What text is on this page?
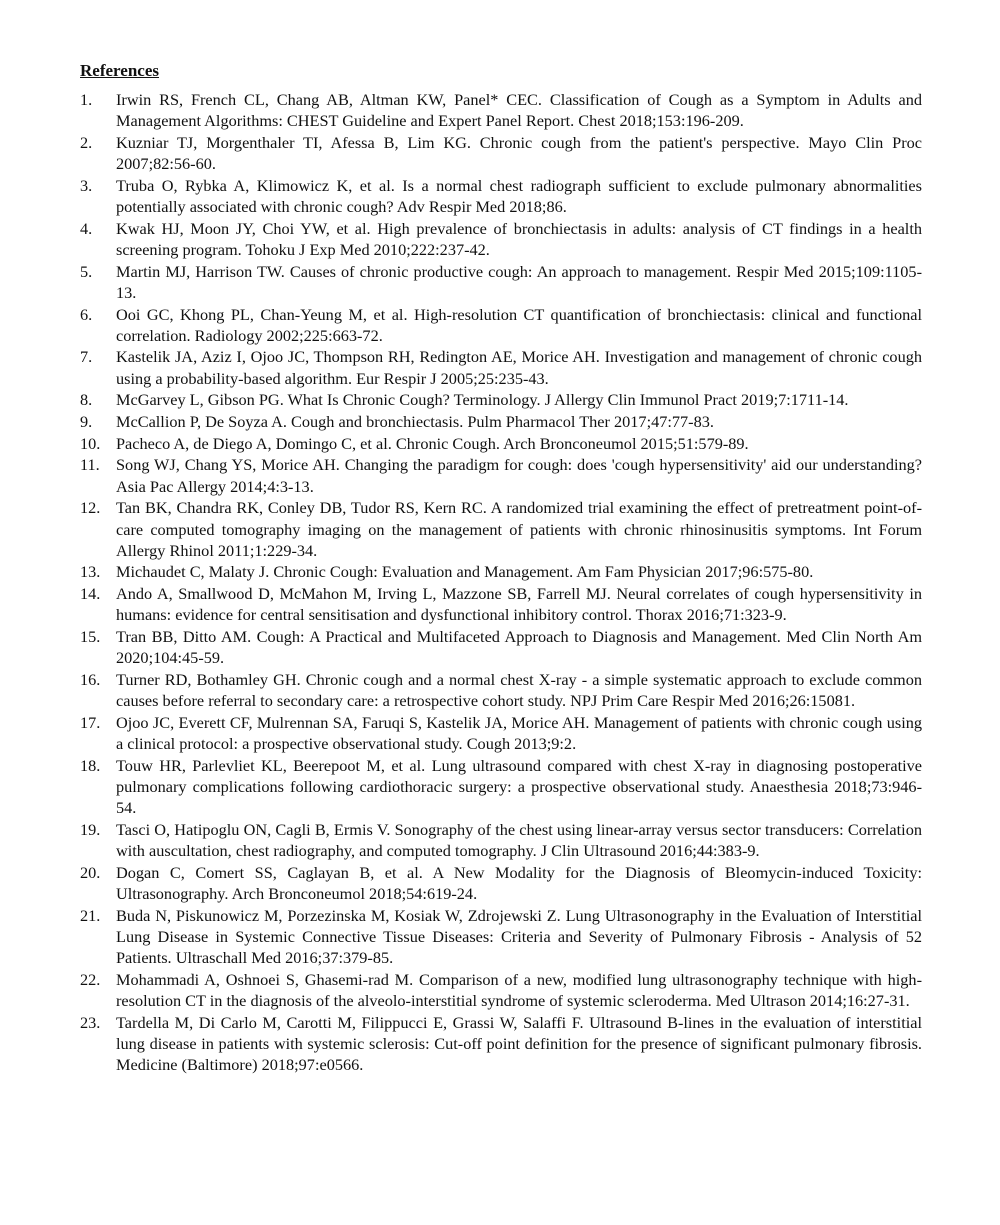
References
1.	Irwin RS, French CL, Chang AB, Altman KW, Panel* CEC. Classification of Cough as a Symptom in Adults and Management Algorithms: CHEST Guideline and Expert Panel Report. Chest 2018;153:196-209.
2.	Kuzniar TJ, Morgenthaler TI, Afessa B, Lim KG. Chronic cough from the patient's perspective. Mayo Clin Proc 2007;82:56-60.
3.	Truba O, Rybka A, Klimowicz K, et al. Is a normal chest radiograph sufficient to exclude pulmonary abnormalities potentially associated with chronic cough? Adv Respir Med 2018;86.
4.	Kwak HJ, Moon JY, Choi YW, et al. High prevalence of bronchiectasis in adults: analysis of CT findings in a health screening program. Tohoku J Exp Med 2010;222:237-42.
5.	Martin MJ, Harrison TW. Causes of chronic productive cough: An approach to management. Respir Med 2015;109:1105-13.
6.	Ooi GC, Khong PL, Chan-Yeung M, et al. High-resolution CT quantification of bronchiectasis: clinical and functional correlation. Radiology 2002;225:663-72.
7.	Kastelik JA, Aziz I, Ojoo JC, Thompson RH, Redington AE, Morice AH. Investigation and management of chronic cough using a probability-based algorithm. Eur Respir J 2005;25:235-43.
8.	McGarvey L, Gibson PG. What Is Chronic Cough? Terminology. J Allergy Clin Immunol Pract 2019;7:1711-14.
9.	McCallion P, De Soyza A. Cough and bronchiectasis. Pulm Pharmacol Ther 2017;47:77-83.
10. Pacheco A, de Diego A, Domingo C, et al. Chronic Cough. Arch Bronconeumol 2015;51:579-89.
11. Song WJ, Chang YS, Morice AH. Changing the paradigm for cough: does 'cough hypersensitivity' aid our understanding? Asia Pac Allergy 2014;4:3-13.
12. Tan BK, Chandra RK, Conley DB, Tudor RS, Kern RC. A randomized trial examining the effect of pretreatment point-of-care computed tomography imaging on the management of patients with chronic rhinosinusitis symptoms. Int Forum Allergy Rhinol 2011;1:229-34.
13. Michaudet C, Malaty J. Chronic Cough: Evaluation and Management. Am Fam Physician 2017;96:575-80.
14. Ando A, Smallwood D, McMahon M, Irving L, Mazzone SB, Farrell MJ. Neural correlates of cough hypersensitivity in humans: evidence for central sensitisation and dysfunctional inhibitory control. Thorax 2016;71:323-9.
15. Tran BB, Ditto AM. Cough: A Practical and Multifaceted Approach to Diagnosis and Management. Med Clin North Am 2020;104:45-59.
16. Turner RD, Bothamley GH. Chronic cough and a normal chest X-ray - a simple systematic approach to exclude common causes before referral to secondary care: a retrospective cohort study. NPJ Prim Care Respir Med 2016;26:15081.
17. Ojoo JC, Everett CF, Mulrennan SA, Faruqi S, Kastelik JA, Morice AH. Management of patients with chronic cough using a clinical protocol: a prospective observational study. Cough 2013;9:2.
18. Touw HR, Parlevliet KL, Beerepoot M, et al. Lung ultrasound compared with chest X-ray in diagnosing postoperative pulmonary complications following cardiothoracic surgery: a prospective observational study. Anaesthesia 2018;73:946-54.
19. Tasci O, Hatipoglu ON, Cagli B, Ermis V. Sonography of the chest using linear-array versus sector transducers: Correlation with auscultation, chest radiography, and computed tomography. J Clin Ultrasound 2016;44:383-9.
20. Dogan C, Comert SS, Caglayan B, et al. A New Modality for the Diagnosis of Bleomycin-induced Toxicity: Ultrasonography. Arch Bronconeumol 2018;54:619-24.
21. Buda N, Piskunowicz M, Porzezinska M, Kosiak W, Zdrojewski Z. Lung Ultrasonography in the Evaluation of Interstitial Lung Disease in Systemic Connective Tissue Diseases: Criteria and Severity of Pulmonary Fibrosis - Analysis of 52 Patients. Ultraschall Med 2016;37:379-85.
22. Mohammadi A, Oshnoei S, Ghasemi-rad M. Comparison of a new, modified lung ultrasonography technique with high-resolution CT in the diagnosis of the alveolo-interstitial syndrome of systemic scleroderma. Med Ultrason 2014;16:27-31.
23. Tardella M, Di Carlo M, Carotti M, Filippucci E, Grassi W, Salaffi F. Ultrasound B-lines in the evaluation of interstitial lung disease in patients with systemic sclerosis: Cut-off point definition for the presence of significant pulmonary fibrosis. Medicine (Baltimore) 2018;97:e0566.
